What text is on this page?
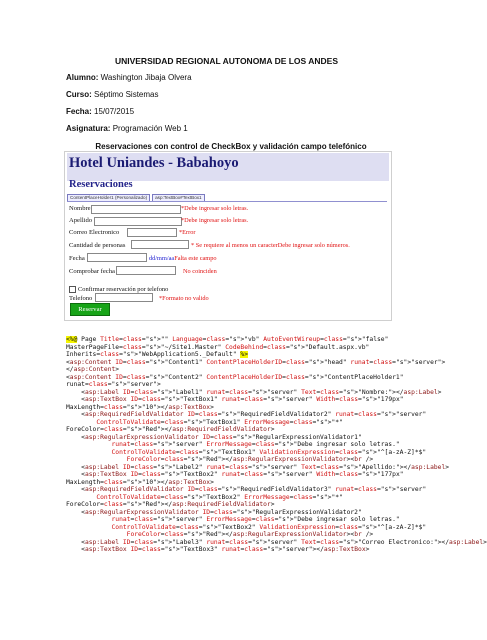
UNIVERSIDAD REGIONAL AUTONOMA DE LOS ANDES
Alumno: Washington Jibaja Olvera
Curso: Séptimo Sistemas
Fecha: 15/07/2015
Asignatura: Programación Web 1
Reservaciones con control de CheckBox y validación campo telefónico
Hotel Uniandes - Babahoyo
Reservaciones
ContentPlaceHolder1 (Personalizado) asp:TextBox#TextBox1
Nombre	*Debe ingresar solo letras.
Apellido	*Debe ingresar solo letras.
Correo Electronico	*Error
Cantidad de personas	* Se requiere al menos un caracterDebe ingresar solo números.
Fecha	dd/mm/aaFalta este campo
Comprobar fecha	No coinciden
Confirmar reservación por telefono
Telefono	*Formato no valido
Reservar
<%@ Page Title=class="s">"" Language=class="s">"vb" AutoEventWireup=class="s">"false"
MasterPageFile=class="s">"~/Site1.Master" CodeBehind=class="s">"Default.aspx.vb"
Inherits=class="s">"WebApplication5._Default" %>
<asp:Content ID=class="s">"Content1" ContentPlaceHolderID=class="s">"head" runat=class="s">"server">
</asp:Content>
<asp:Content ID=class="s">"Content2" ContentPlaceHolderID=class="s">"ContentPlaceHolder1"
runat=class="s">"server">
<asp:Label ID=class="s">"Label1" runat=class="s">"server" Text=class="s">"Nombre:"></asp:Label>
<asp:TextBox ID=class="s">"TextBox1" runat=class="s">"server" Width=class="s">"179px"
MaxLength=class="s">"10"></asp:TextBox>
<asp:RequiredFieldValidator ID=class="s">"RequiredFieldValidator2" runat=class="s">"server"
ControlToValidate=class="s">"TextBox1" ErrorMessage=class="s">"*"
ForeColor=class="s">"Red"></asp:RequiredFieldValidator>
<asp:RegularExpressionValidator ID=class="s">"RegularExpressionValidator1"
runat=class="s">"server" ErrorMessage=class="s">"Debe ingresar solo letras."
ControlToValidate=class="s">"TextBox1" ValidationExpression=class="s">"^[a-zA-Z]*$"
ForeColor=class="s">"Red"></asp:RegularExpressionValidator><br />
<asp:Label ID=class="s">"Label2" runat=class="s">"server" Text=class="s">"Apellido:"></asp:Label>
<asp:TextBox ID=class="s">"TextBox2" runat=class="s">"server" Width=class="s">"177px"
MaxLength=class="s">"10"></asp:TextBox>
<asp:RequiredFieldValidator ID=class="s">"RequiredFieldValidator3" runat=class="s">"server"
ControlToValidate=class="s">"TextBox2" ErrorMessage=class="s">"*"
ForeColor=class="s">"Red"></asp:RequiredFieldValidator>
<asp:RegularExpressionValidator ID=class="s">"RegularExpressionValidator2"
runat=class="s">"server" ErrorMessage=class="s">"Debe ingresar solo letras."
ControlToValidate=class="s">"TextBox2" ValidationExpression=class="s">"^[a-zA-Z]*$"
ForeColor=class="s">"Red"></asp:RegularExpressionValidator><br />
<asp:Label ID=class="s">"Label3" runat=class="s">"server" Text=class="s">"Correo Electronico:"></asp:Label>
<asp:TextBox ID=class="s">"TextBox3" runat=class="s">"server"></asp:TextBox>
